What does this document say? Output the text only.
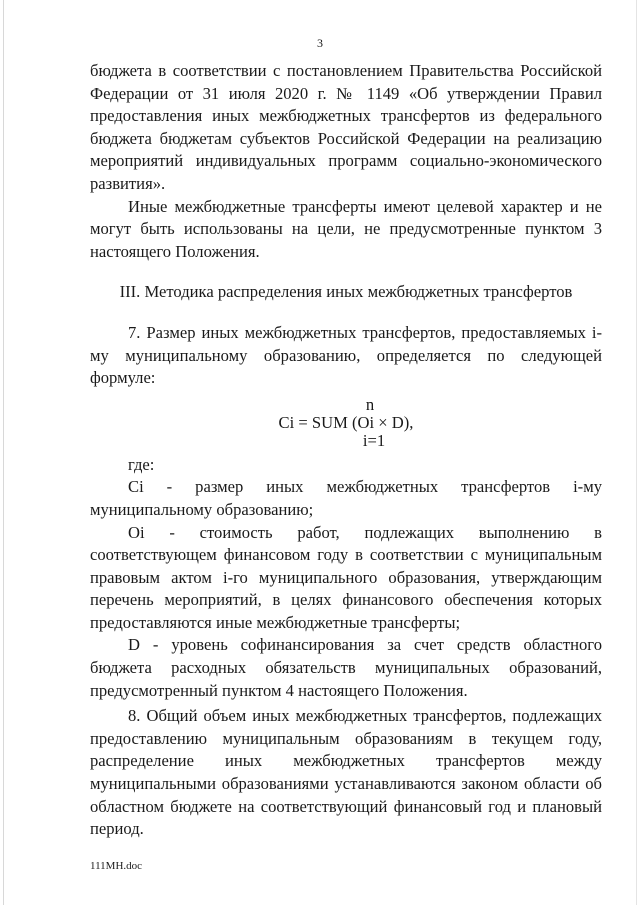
3

бюджета в соответствии с постановлением Правительства Российской Федерации от 31 июля 2020 г. № 1149 «Об утверждении Правил предоставления иных межбюджетных трансфертов из федерального бюджета бюджетам субъектов Российской Федерации на реализацию мероприятий индивидуальных программ социально-экономического развития».

Иные межбюджетные трансферты имеют целевой характер и не могут быть использованы на цели, не предусмотренные пунктом 3 настоящего Положения.

III. Методика распределения иных межбюджетных трансфертов

7. Размер иных межбюджетных трансфертов, предоставляемых i-му муниципальному образованию, определяется по следующей формуле:

n

Ci = SUM (Oi × D),

i=1

где:

Ci - размер иных межбюджетных трансфертов i-му муниципальному образованию;

Oi - стоимость работ, подлежащих выполнению в соответствующем финансовом году в соответствии с муниципальным правовым актом i-го муниципального образования, утверждающим перечень мероприятий, в целях финансового обеспечения которых предоставляются иные межбюджетные трансферты;

D - уровень софинансирования за счет средств областного бюджета расходных обязательств муниципальных образований, предусмотренный пунктом 4 настоящего Положения.

8. Общий объем иных межбюджетных трансфертов, подлежащих предоставлению муниципальным образованиям в текущем году, распределение иных межбюджетных трансфертов между муниципальными образованиями устанавливаются законом области об областном бюджете на соответствующий финансовый год и плановый период.

111МН.doc
